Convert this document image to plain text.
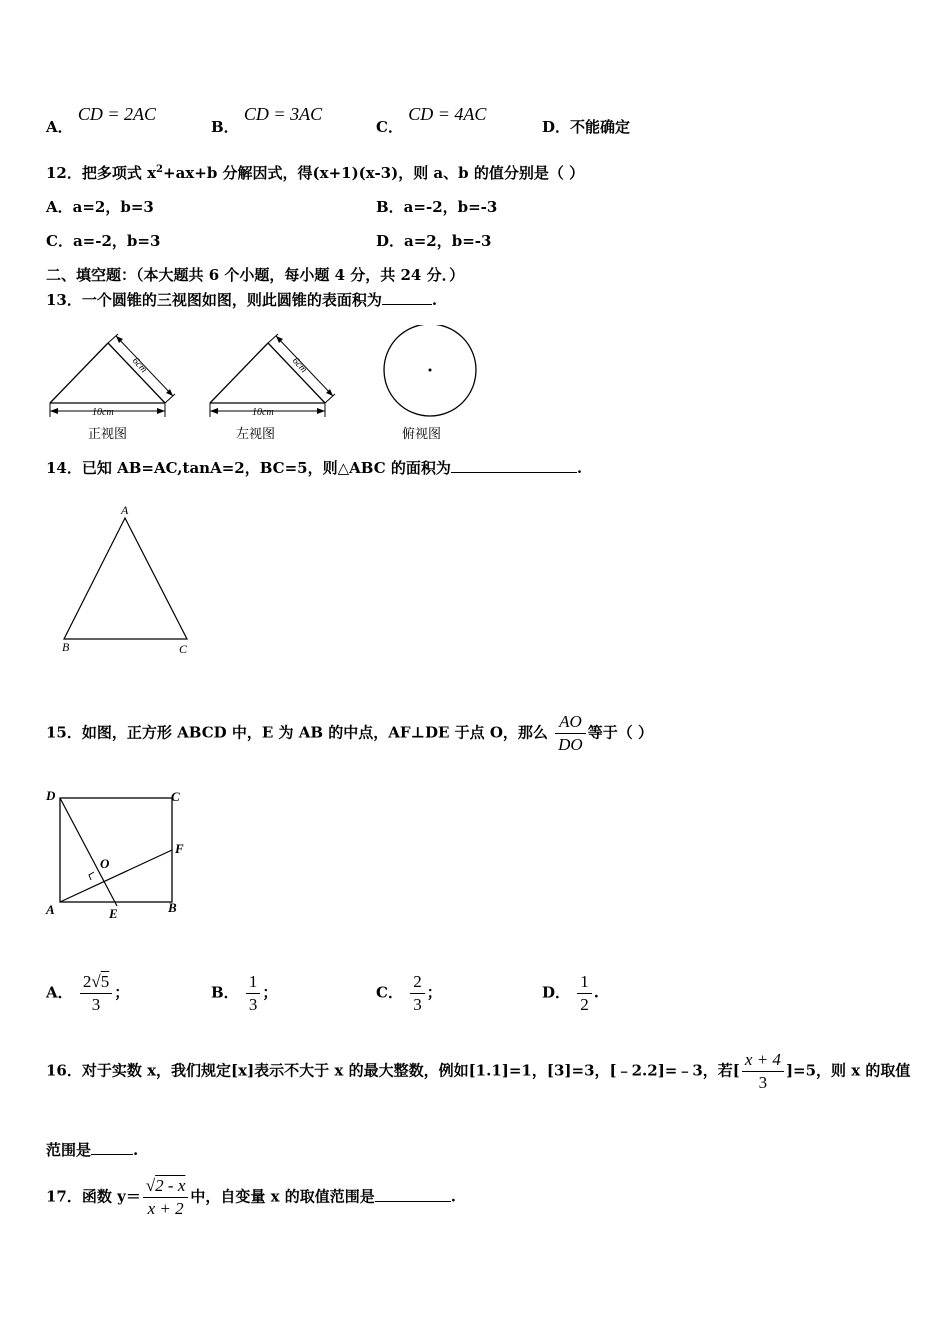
A． CD = 2AC
B． CD = 3AC
C． CD = 4AC
D．不能确定
12．把多项式 $x^2+ax+b$ 分解因式，得(x+1)(x-3)，则 a、b 的值分别是（ ）
A．a=2，b=3	B．a=-2，b=-3
C．a=-2，b=3	D．a=2，b=-3
二、填空题：（本大题共 6 个小题，每小题 4 分，共 24 分．）
13．一个圆锥的三视图如图，则此圆锥的表面积为	.
10cm
6cm
正视图
10cm
6cm
左视图	俯视图
14．已知 AB=AC,tanA=2，BC=5，则△ABC 的面积为	.
A
B	C
15．如图，正方形 ABCD 中，E 为 AB 的中点，AF⊥DE 于点 O，那么 $\frac{AO}{DO}$ 等于（ ）
D	C
F
O
A	E	B
A． $\frac{2√5}{3}$ ；	B． $\frac{1}{3}$ ；	C． $\frac{2}{3}$ ；	D． $\frac{1}{2}$ .
16．对于实数 x，我们规定[x]表示不大于 x 的最大整数，例如[1.1]=1，[3]=3，[﹣2.2]=﹣3，若[ $\frac{x + 4}{3} ]=5$，则 x 的取值
范围是	.
17．函数 $y= \frac{√2 - x}{x + 2}$ 中，自变量 x 的取值范围是	.
